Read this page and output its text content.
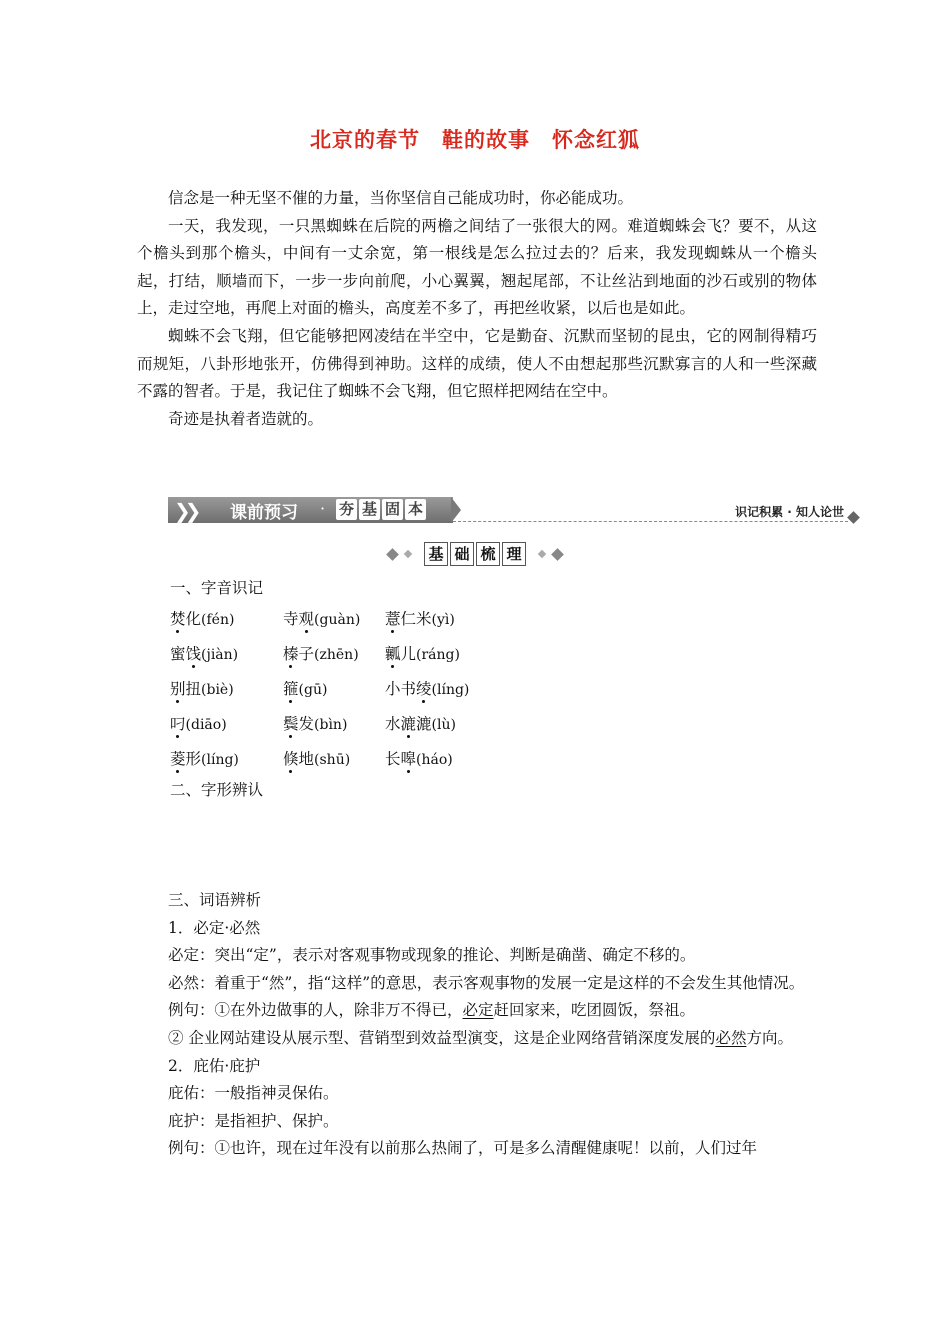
北京的春节　鞋的故事　怀念红狐

信念是一种无坚不催的力量，当你坚信自己能成功时，你必能成功。

一天，我发现，一只黑蜘蛛在后院的两檐之间结了一张很大的网。难道蜘蛛会飞？要不，从这个檐头到那个檐头，中间有一丈余宽，第一根线是怎么拉过去的？后来，我发现蜘蛛从一个檐头起，打结，顺墙而下，一步一步向前爬，小心翼翼，翘起尾部，不让丝沾到地面的沙石或别的物体上，走过空地，再爬上对面的檐头，高度差不多了，再把丝收紧，以后也是如此。

蜘蛛不会飞翔，但它能够把网凌结在半空中，它是勤奋、沉默而坚韧的昆虫，它的网制得精巧而规矩，八卦形地张开，仿佛得到神助。这样的成绩，使人不由想起那些沉默寡言的人和一些深藏不露的智者。于是，我记住了蜘蛛不会飞翔，但它照样把网结在空中。

奇迹是执着者造就的。

❯❯ 课前预习 · 夯 基 固 本	识记积累 · 知人论世

基 础 梳 理

一、字音识记
焚化(fén)	寺观(guàn)	薏仁米(yì)
蜜饯(jiàn)	榛子(zhēn)	瓤儿(ráng)
别扭(biè)	箍(gū)	小书绫(líng)
叼(diāo)	鬓发(bìn)	水漉漉(lù)
菱形(líng)	倏地(shū)	长嗥(háo)
二、字形辨认

三、词语辨析

1．必定·必然

必定：突出“定”，表示对客观事物或现象的推论、判断是确凿、确定不移的。

必然：着重于“然”，指“这样”的意思，表示客观事物的发展一定是这样的不会发生其他情况。

例句：①在外边做事的人，除非万不得已，必定赶回家来，吃团圆饭，祭祖。

② 企业网站建设从展示型、营销型到效益型演变，这是企业网络营销深度发展的必然方向。

2．庇佑·庇护

庇佑：一般指神灵保佑。

庇护：是指袒护、保护。

例句：①也许，现在过年没有以前那么热闹了，可是多么清醒健康呢！以前，人们过年
